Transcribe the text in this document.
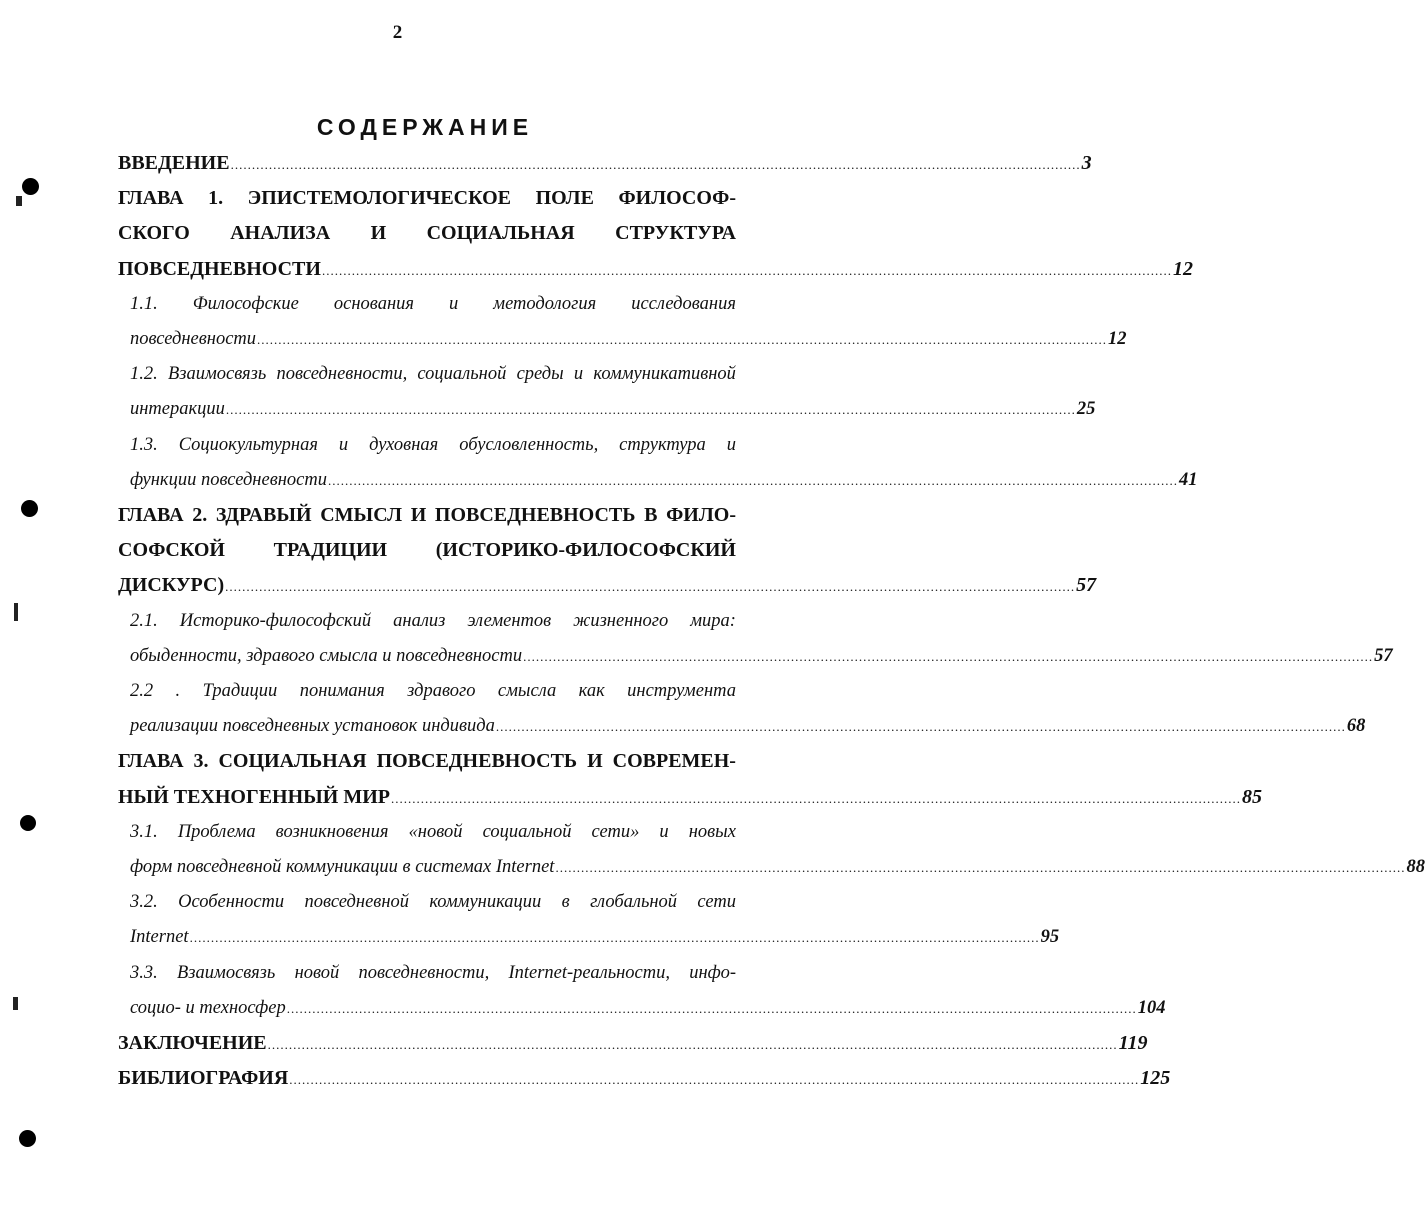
2
СОДЕРЖАНИЕ
ВВЕДЕНИЕ ........................................................................................................................................................................................................ 3
ГЛАВА 1. ЭПИСТЕМОЛОГИЧЕСКОЕ ПОЛЕ ФИЛОСОФ-
СКОГО АНАЛИЗА И СОЦИАЛЬНАЯ СТРУКТУРА
ПОВСЕДНЕВНОСТИ ........................................................................................................................................................................................................ 12
1.1. Философские основания и методология исследования
повседневности ........................................................................................................................................................................................................ 12
1.2. Взаимосвязь повседневности, социальной среды и коммуникативной
интеракции ........................................................................................................................................................................................................ 25
1.3. Социокультурная и духовная обусловленность, структура и
функции повседневности ........................................................................................................................................................................................................ 41
ГЛАВА 2. ЗДРАВЫЙ СМЫСЛ И ПОВСЕДНЕВНОСТЬ В ФИЛО-
СОФСКОЙ ТРАДИЦИИ (ИСТОРИКО-ФИЛОСОФСКИЙ
ДИСКУРС) ........................................................................................................................................................................................................ 57
2.1. Историко-философский анализ элементов жизненного мира:
обыденности, здравого смысла и повседневности ........................................................................................................................................................................................................ 57
2.2 . Традиции понимания здравого смысла как инструмента
реализации повседневных установок индивида ........................................................................................................................................................................................................ 68
ГЛАВА 3. СОЦИАЛЬНАЯ ПОВСЕДНЕВНОСТЬ И СОВРЕМЕН-
НЫЙ ТЕХНОГЕННЫЙ МИР ........................................................................................................................................................................................................ 85
3.1. Проблема возникновения «новой социальной сети» и новых
форм повседневной коммуникации в системах Internet ........................................................................................................................................................................................................ 88
3.2. Особенности повседневной коммуникации в глобальной сети
Internet ........................................................................................................................................................................................................ 95
3.3. Взаимосвязь новой повседневности, Internet-реальности, инфо-
социо- и техносфер ........................................................................................................................................................................................................ 104
ЗАКЛЮЧЕНИЕ ........................................................................................................................................................................................................ 119
БИБЛИОГРАФИЯ ........................................................................................................................................................................................................ 125
